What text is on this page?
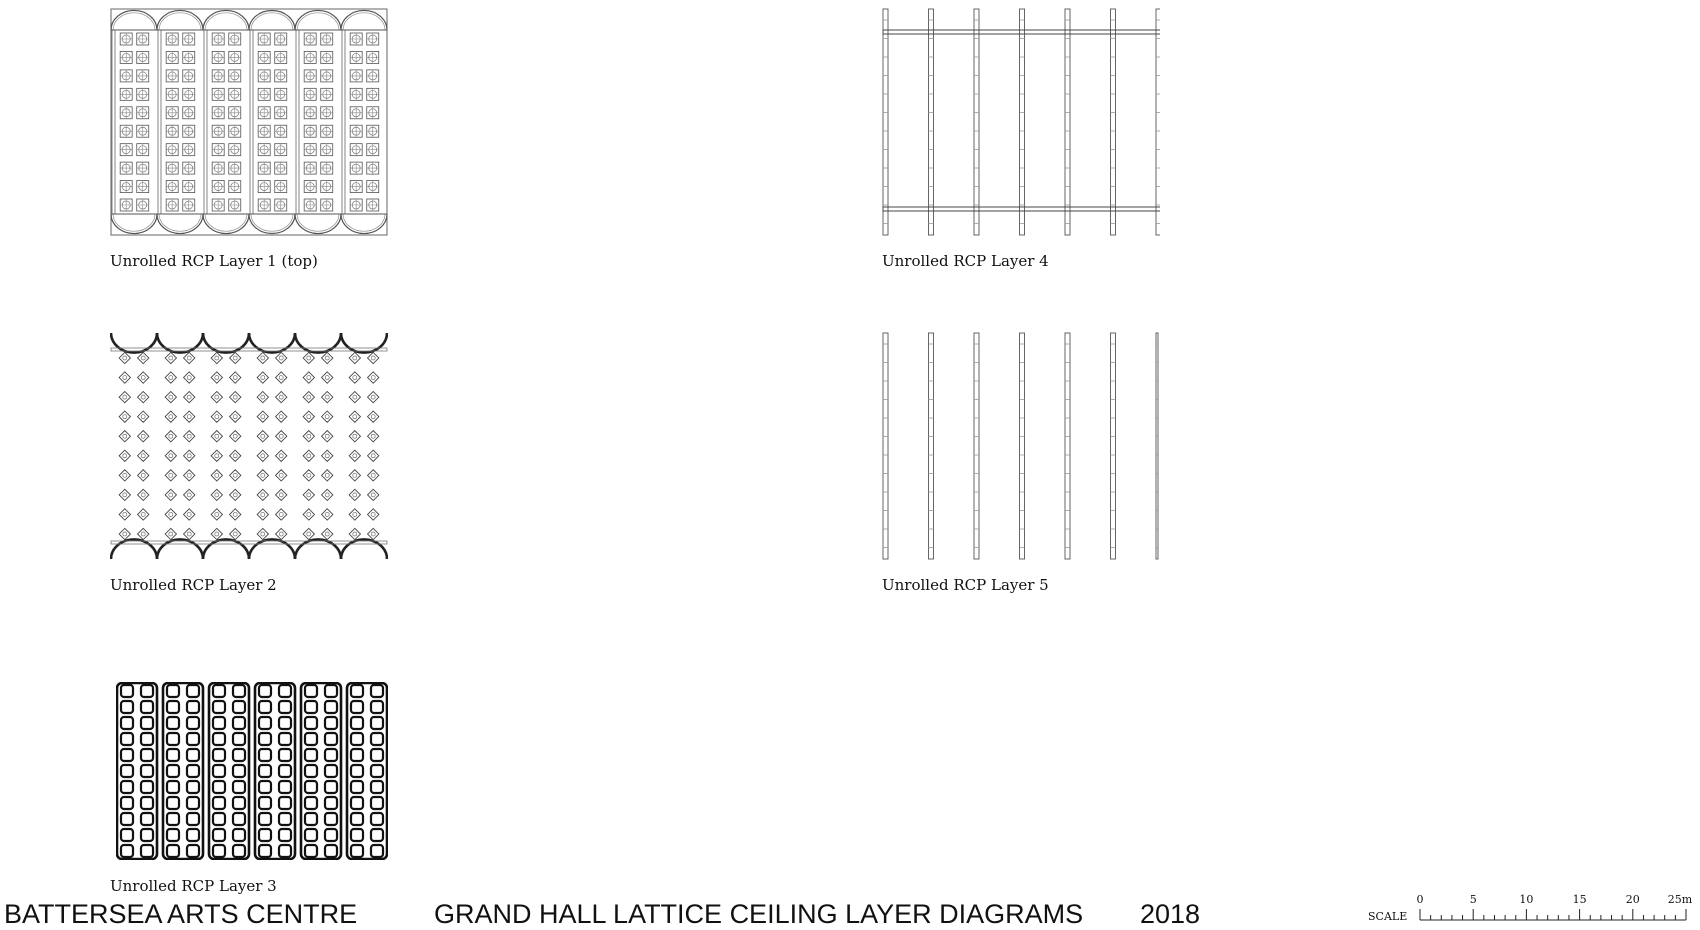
Unrolled RCP Layer 1 (top)
Unrolled RCP Layer 2
Unrolled RCP Layer 3
Unrolled RCP Layer 4
Unrolled RCP Layer 5
BATTERSEA ARTS CENTRE	GRAND HALL LATTICE CEILING LAYER DIAGRAMS 2018	SCALE
0	5	10	15	20	25m
